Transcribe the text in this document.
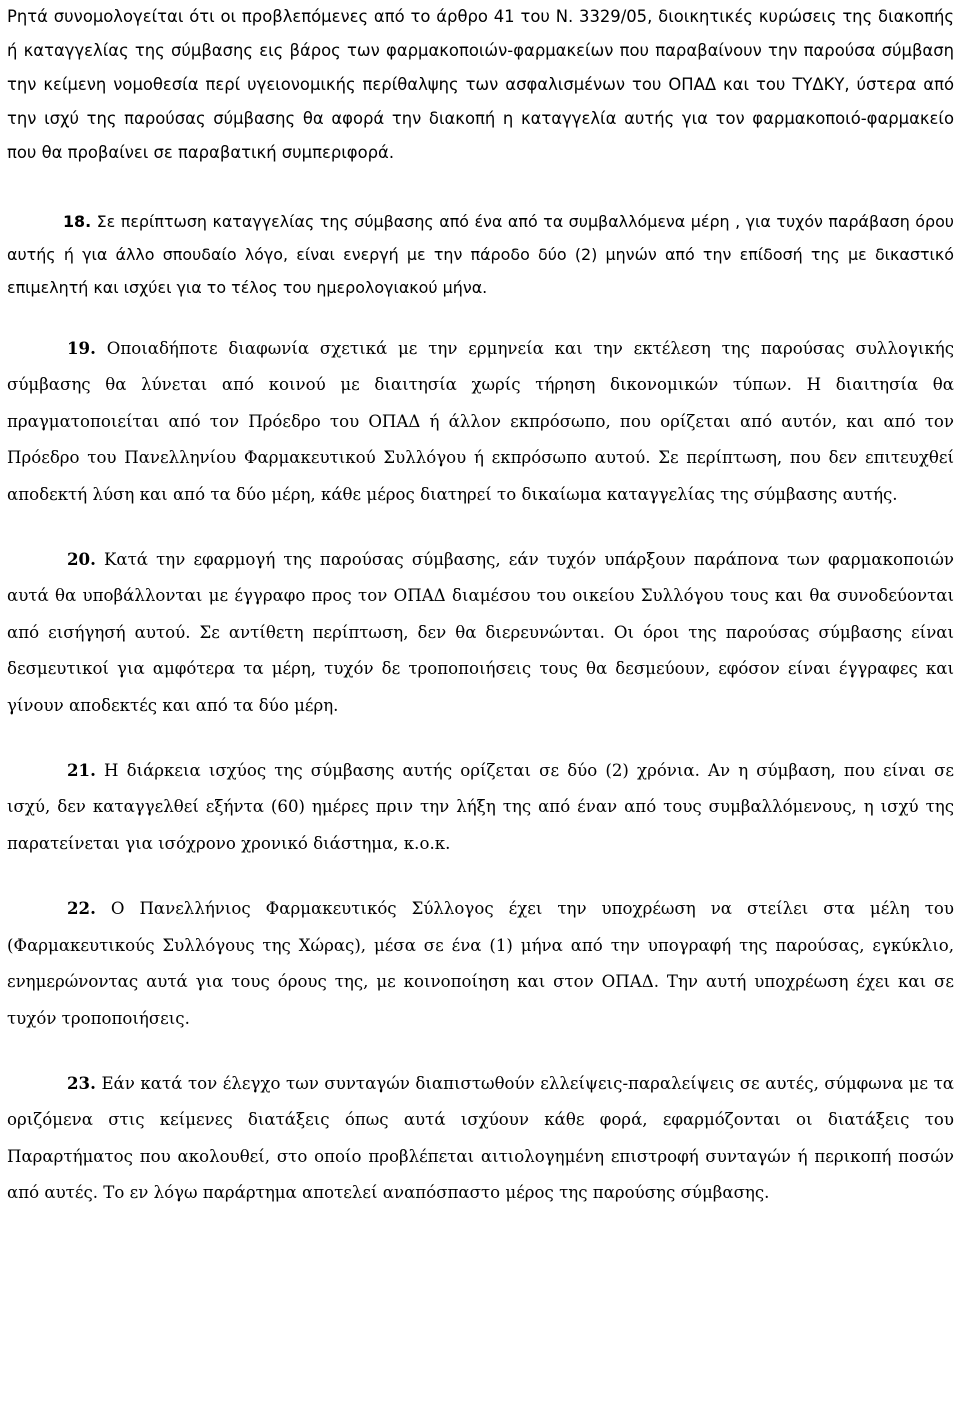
Ρητά συνομολογείται ότι οι προβλεπόμενες από το άρθρο 41 του Ν. 3329/05, διοικητικές κυρώσεις της διακοπής ή καταγγελίας της σύμβασης εις βάρος των φαρμακοποιών-φαρμακείων που παραβαίνουν την παρούσα σύμβαση την κείμενη νομοθεσία περί υγειονομικής περίθαλψης των ασφαλισμένων του ΟΠΑΔ και του ΤΥΔΚΥ, ύστερα από την ισχύ της παρούσας σύμβασης θα αφορά την διακοπή η καταγγελία αυτής για τον φαρμακοποιό-φαρμακείο που θα προβαίνει σε παραβατική συμπεριφορά.

18. Σε περίπτωση καταγγελίας της σύμβασης από ένα από τα συμβαλλόμενα μέρη , για τυχόν παράβαση όρου αυτής ή για άλλο σπουδαίο λόγο, είναι ενεργή με την πάροδο δύο (2) μηνών από την επίδοσή της με δικαστικό επιμελητή και ισχύει για το τέλος του ημερολογιακού μήνα.

19. Οποιαδήποτε διαφωνία σχετικά με την ερμηνεία και την εκτέλεση της παρούσας συλλογικής σύμβασης θα λύνεται από κοινού με διαιτησία χωρίς τήρηση δικονομικών τύπων. Η διαιτησία θα πραγματοποιείται από τον Πρόεδρο του ΟΠΑΔ ή άλλον εκπρόσωπο, που ορίζεται από αυτόν, και από τον Πρόεδρο του Πανελληνίου Φαρμακευτικού Συλλόγου ή εκπρόσωπο αυτού. Σε περίπτωση, που δεν επιτευχθεί αποδεκτή λύση και από τα δύο μέρη, κάθε μέρος διατηρεί το δικαίωμα καταγγελίας της σύμβασης αυτής.

20. Κατά την εφαρμογή της παρούσας σύμβασης, εάν τυχόν υπάρξουν παράπονα των φαρμακοποιών αυτά θα υποβάλλονται με έγγραφο προς τον ΟΠΑΔ διαμέσου του οικείου Συλλόγου τους και θα συνοδεύονται από εισήγησή αυτού. Σε αντίθετη περίπτωση, δεν θα διερευνώνται. Οι όροι της παρούσας σύμβασης είναι δεσμευτικοί για αμφότερα τα μέρη, τυχόν δε τροποποιήσεις τους θα δεσμεύουν, εφόσον είναι έγγραφες και γίνουν αποδεκτές και από τα δύο μέρη.

21. Η διάρκεια ισχύος της σύμβασης αυτής ορίζεται σε δύο (2) χρόνια. Αν η σύμβαση, που είναι σε ισχύ, δεν καταγγελθεί εξήντα (60) ημέρες πριν την λήξη της από έναν από τους συμβαλλόμενους, η ισχύ της παρατείνεται για ισόχρονο χρονικό διάστημα, κ.ο.κ.

22. Ο Πανελλήνιος Φαρμακευτικός Σύλλογος έχει την υποχρέωση να στείλει στα μέλη του (Φαρμακευτικούς Συλλόγους της Χώρας), μέσα σε ένα (1) μήνα από την υπογραφή της παρούσας, εγκύκλιο, ενημερώνοντας αυτά για τους όρους της, με κοινοποίηση και στον ΟΠΑΔ. Την αυτή υποχρέωση έχει και σε τυχόν τροποποιήσεις.

23. Εάν κατά τον έλεγχο των συνταγών διαπιστωθούν ελλείψεις-παραλείψεις σε αυτές, σύμφωνα με τα οριζόμενα στις κείμενες διατάξεις όπως αυτά ισχύουν κάθε φορά, εφαρμόζονται οι διατάξεις του Παραρτήματος που ακολουθεί, στο οποίο προβλέπεται αιτιολογημένη επιστροφή συνταγών ή περικοπή ποσών από αυτές. Το εν λόγω παράρτημα αποτελεί αναπόσπαστο μέρος της παρούσης σύμβασης.
